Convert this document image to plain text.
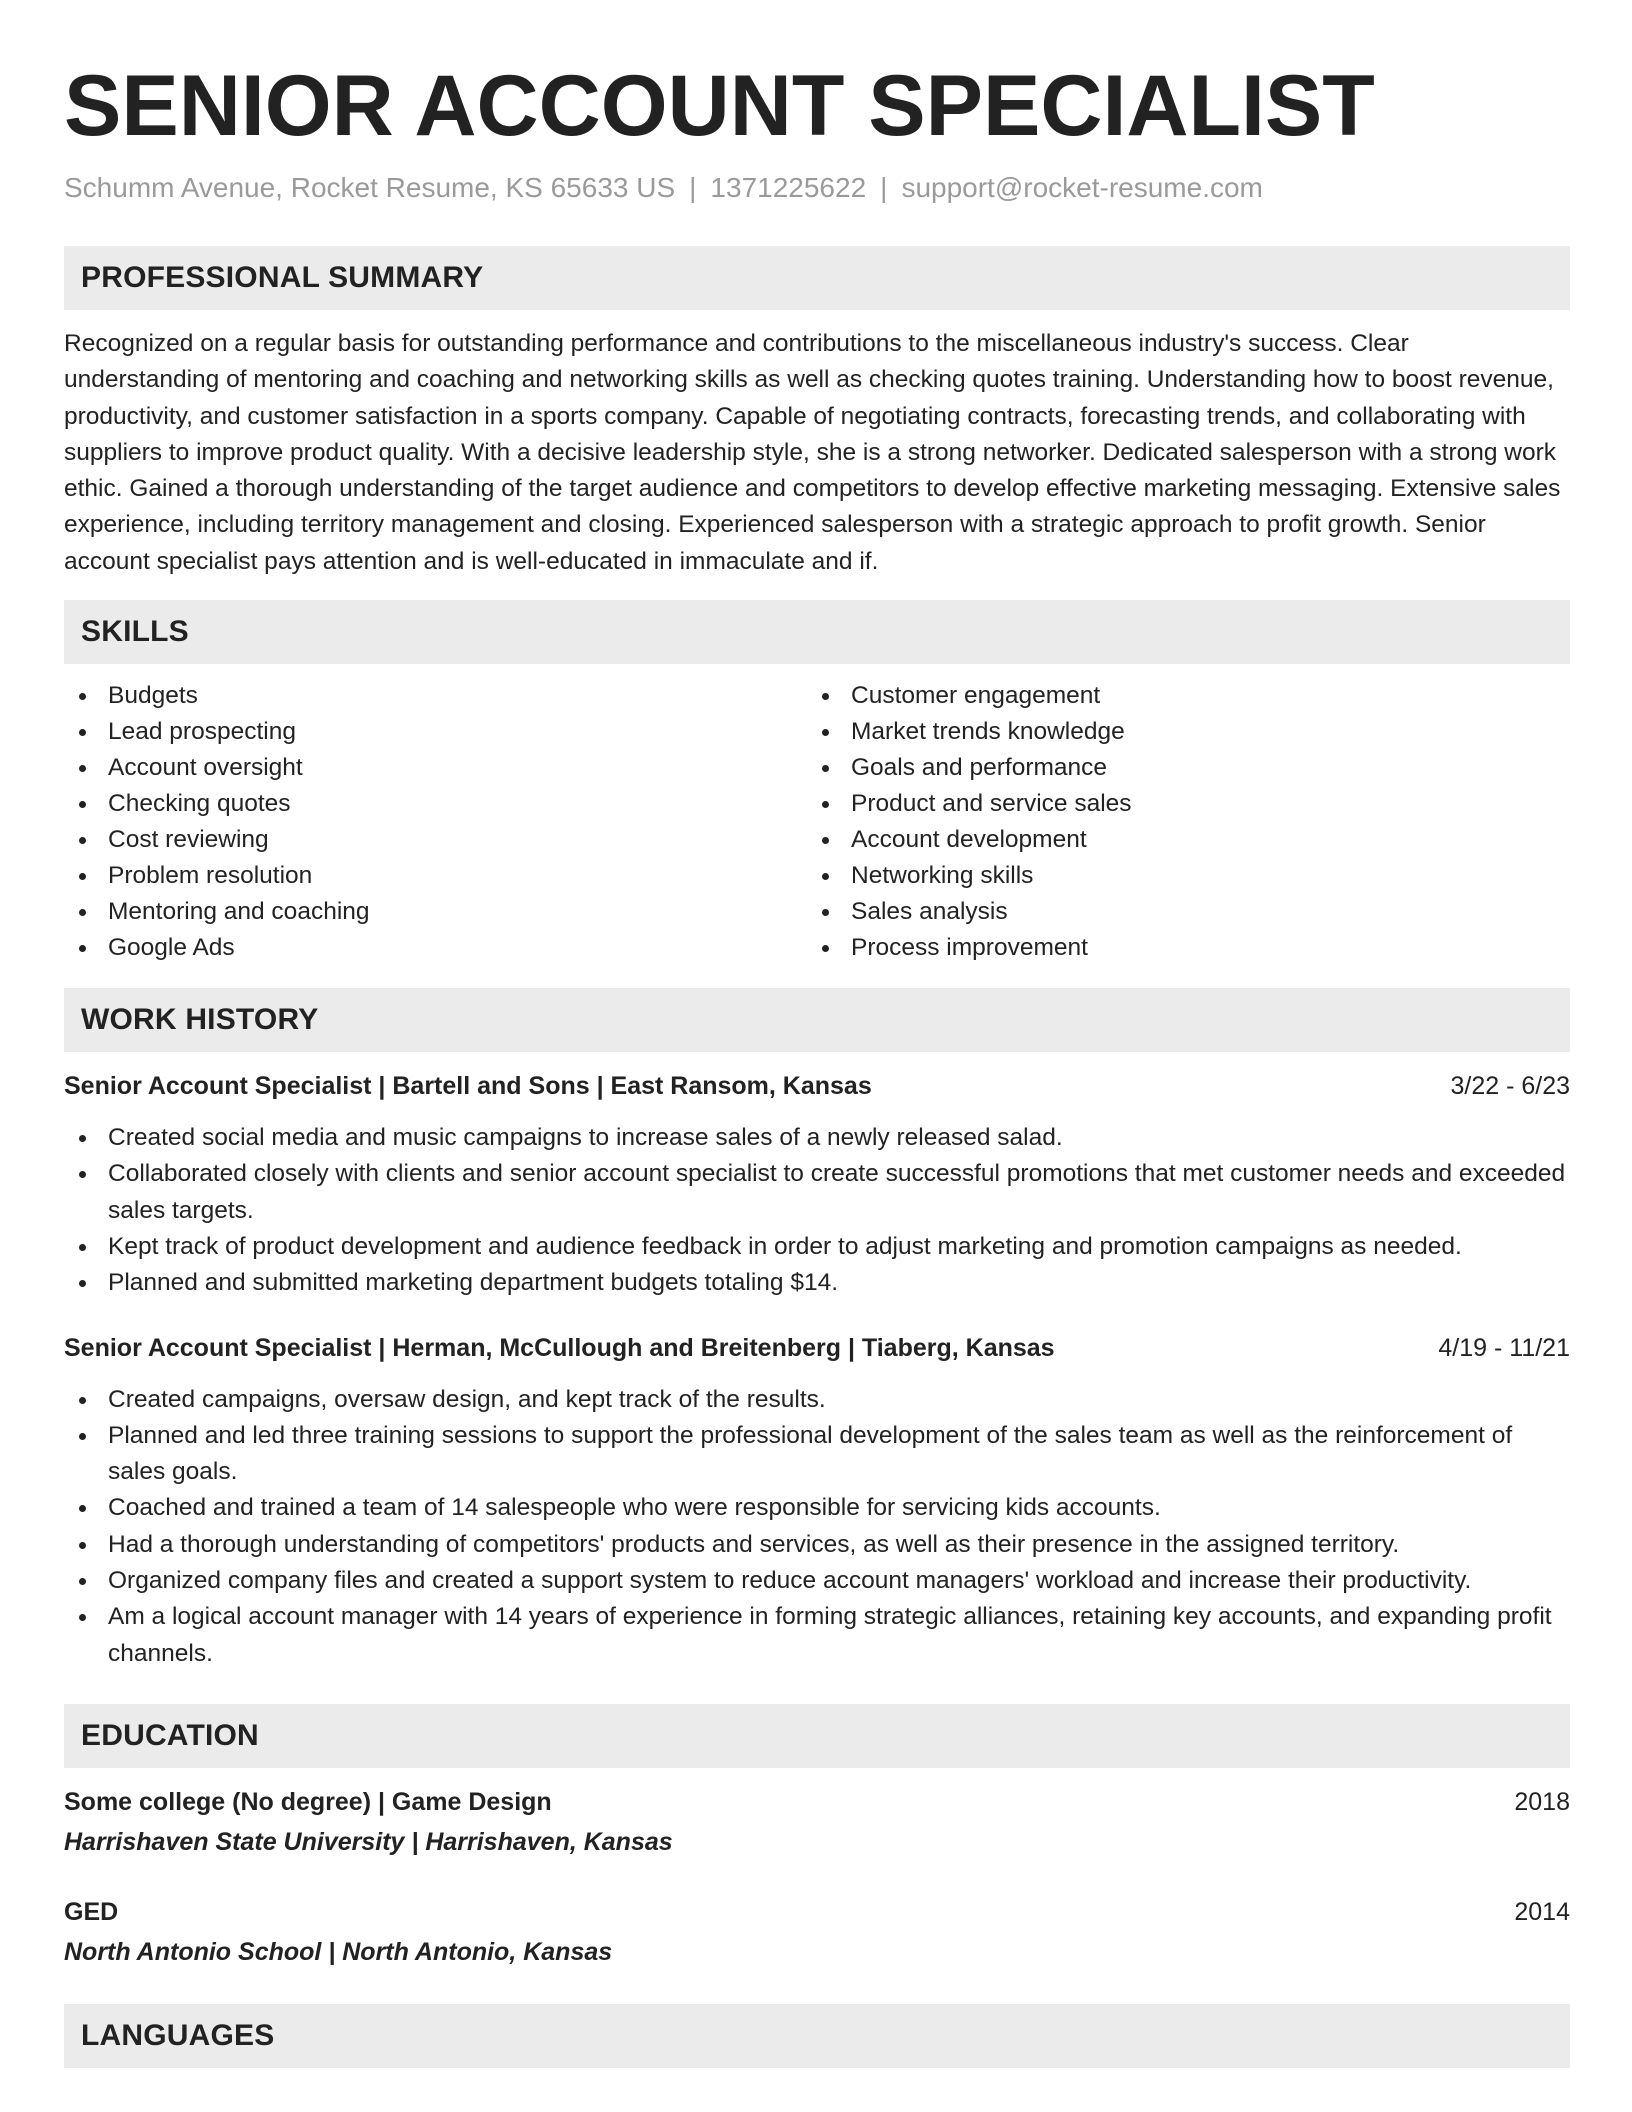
SENIOR ACCOUNT SPECIALIST
Schumm Avenue, Rocket Resume, KS 65633 US | 1371225622 | support@rocket-resume.com
PROFESSIONAL SUMMARY

Recognized on a regular basis for outstanding performance and contributions to the miscellaneous industry's success. Clear understanding of mentoring and coaching and networking skills as well as checking quotes training. Understanding how to boost revenue, productivity, and customer satisfaction in a sports company. Capable of negotiating contracts, forecasting trends, and collaborating with suppliers to improve product quality. With a decisive leadership style, she is a strong networker. Dedicated salesperson with a strong work ethic. Gained a thorough understanding of the target audience and competitors to develop effective marketing messaging. Extensive sales experience, including territory management and closing. Experienced salesperson with a strategic approach to profit growth. Senior account specialist pays attention and is well-educated in immaculate and if.

SKILLS
Budgets
Lead prospecting
Account oversight
Checking quotes
Cost reviewing
Problem resolution
Mentoring and coaching
Google Ads
Customer engagement
Market trends knowledge
Goals and performance
Product and service sales
Account development
Networking skills
Sales analysis
Process improvement
WORK HISTORY
Senior Account Specialist | Bartell and Sons | East Ransom, Kansas	3/22 - 6/23
Created social media and music campaigns to increase sales of a newly released salad.
Collaborated closely with clients and senior account specialist to create successful promotions that met customer needs and exceeded sales targets.
Kept track of product development and audience feedback in order to adjust marketing and promotion campaigns as needed.
Planned and submitted marketing department budgets totaling $14.
Senior Account Specialist | Herman, McCullough and Breitenberg | Tiaberg, Kansas	4/19 - 11/21
Created campaigns, oversaw design, and kept track of the results.
Planned and led three training sessions to support the professional development of the sales team as well as the reinforcement of sales goals.
Coached and trained a team of 14 salespeople who were responsible for servicing kids accounts.
Had a thorough understanding of competitors' products and services, as well as their presence in the assigned territory.
Organized company files and created a support system to reduce account managers' workload and increase their productivity.
Am a logical account manager with 14 years of experience in forming strategic alliances, retaining key accounts, and expanding profit channels.
EDUCATION
Some college (No degree) | Game Design	2018
Harrishaven State University | Harrishaven, Kansas
GED	2014
North Antonio School | North Antonio, Kansas
LANGUAGES
